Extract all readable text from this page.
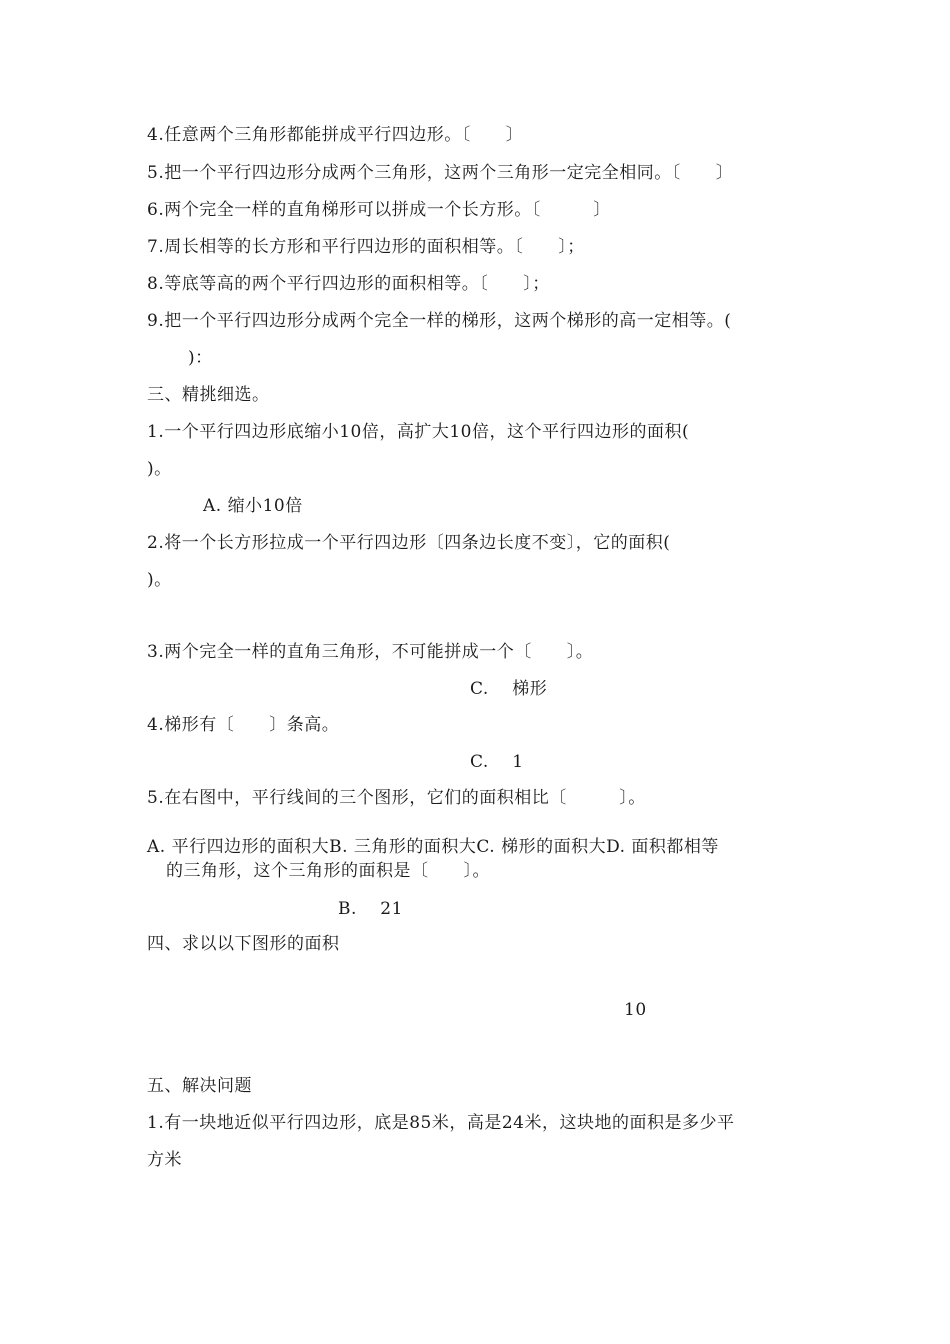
4.任意两个三角形都能拼成平行四边形。〔　　〕
5.把一个平行四边形分成两个三角形，这两个三角形一定完全相同。〔　　〕
6.两个完全一样的直角梯形可以拼成一个长方形。〔　　　〕
7.周长相等的长方形和平行四边形的面积相等。〔　　〕；
8.等底等高的两个平行四边形的面积相等。〔　　〕；
9.把一个平行四边形分成两个完全一样的梯形，这两个梯形的高一定相等。(
)：
三、精挑细选。
1.一个平行四边形底缩小10倍，高扩大10倍，这个平行四边形的面积(
)。
A. 缩小10倍
2.将一个长方形拉成一个平行四边形〔四条边长度不变〕，它的面积(
)。
3.两个完全一样的直角三角形，不可能拼成一个〔　　〕。
C.　 梯形
4.梯形有〔　　〕条高。
C.　 1
5.在右图中，平行线间的三个图形，它们的面积相比〔　　　〕。
A. 平行四边形的面积大B. 三角形的面积大C. 梯形的面积大D. 面积都相等
的三角形，这个三角形的面积是〔　　〕。
B.　 21
四、求以以下图形的面积
10
五、解决问题
1.有一块地近似平行四边形，底是85米，高是24米，这块地的面积是多少平
方米
